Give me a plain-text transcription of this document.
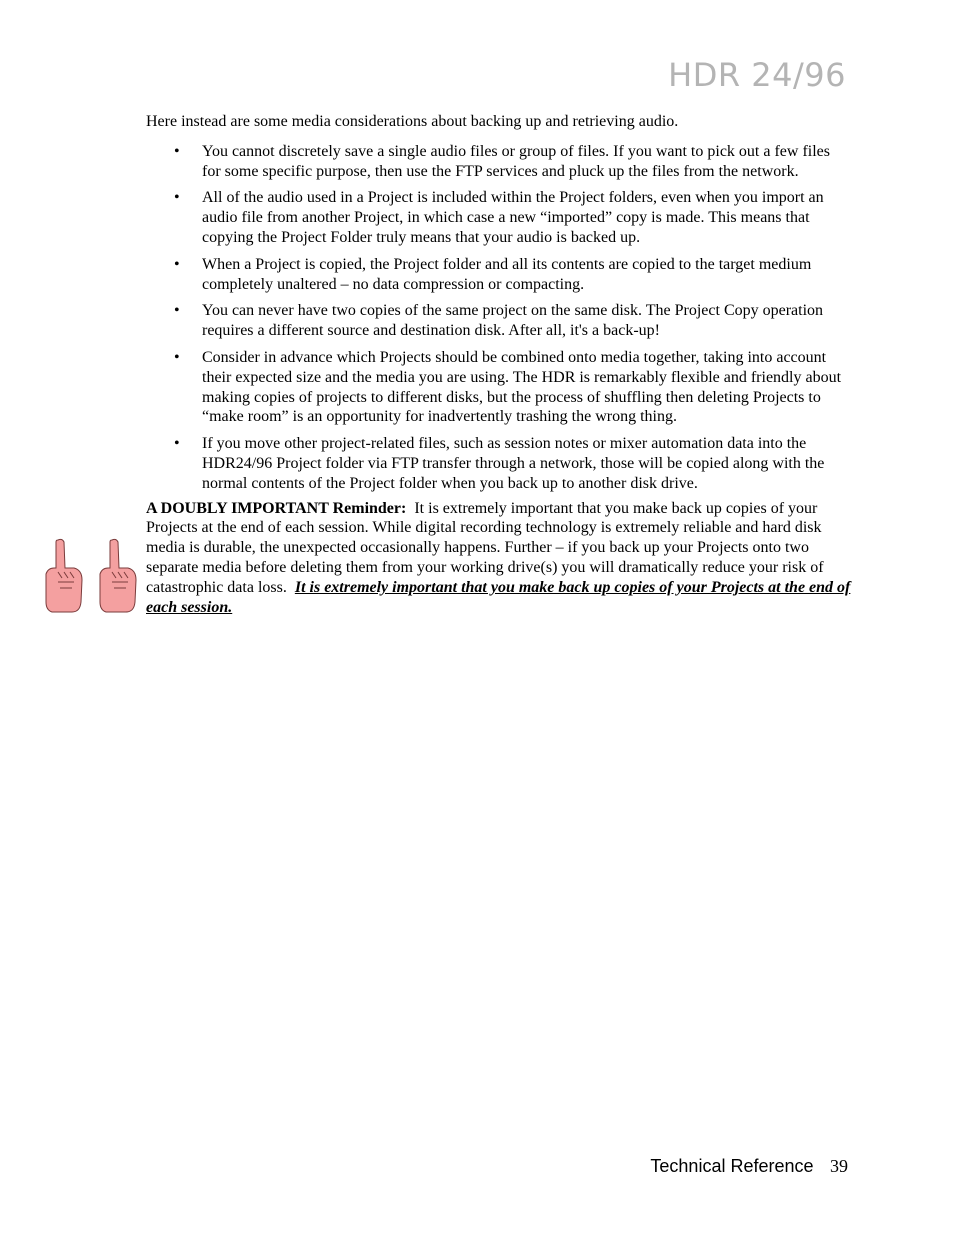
HDR 24/96

Here instead are some media considerations about backing up and retrieving audio.

• You cannot discretely save a single audio files or group of files. If you want to pick out a few files for some specific purpose, then use the FTP services and pluck up the files from the network.
• All of the audio used in a Project is included within the Project folders, even when you import an audio file from another Project, in which case a new “imported” copy is made. This means that copying the Project Folder truly means that your audio is backed up.
• When a Project is copied, the Project folder and all its contents are copied to the target medium completely unaltered – no data compression or compacting.
• You can never have two copies of the same project on the same disk. The Project Copy operation requires a different source and destination disk. After all, it's a back-up!
• Consider in advance which Projects should be combined onto media together, taking into account their expected size and the media you are using. The HDR is remarkably flexible and friendly about making copies of projects to different disks, but the process of shuffling then deleting Projects to “make room” is an opportunity for inadvertently trashing the wrong thing.
• If you move other project-related files, such as session notes or mixer automation data into the HDR24/96 Project folder via FTP transfer through a network, those will be copied along with the normal contents of the Project folder when you back up to another disk drive.

A DOUBLY IMPORTANT Reminder: It is extremely important that you make back up copies of your Projects at the end of each session. While digital recording technology is extremely reliable and hard disk media is durable, the unexpected occasionally happens. Further – if you back up your Projects onto two separate media before deleting them from your working drive(s) you will dramatically reduce your risk of catastrophic data loss. It is extremely important that you make back up copies of your Projects at the end of each session.

Technical Reference 39
